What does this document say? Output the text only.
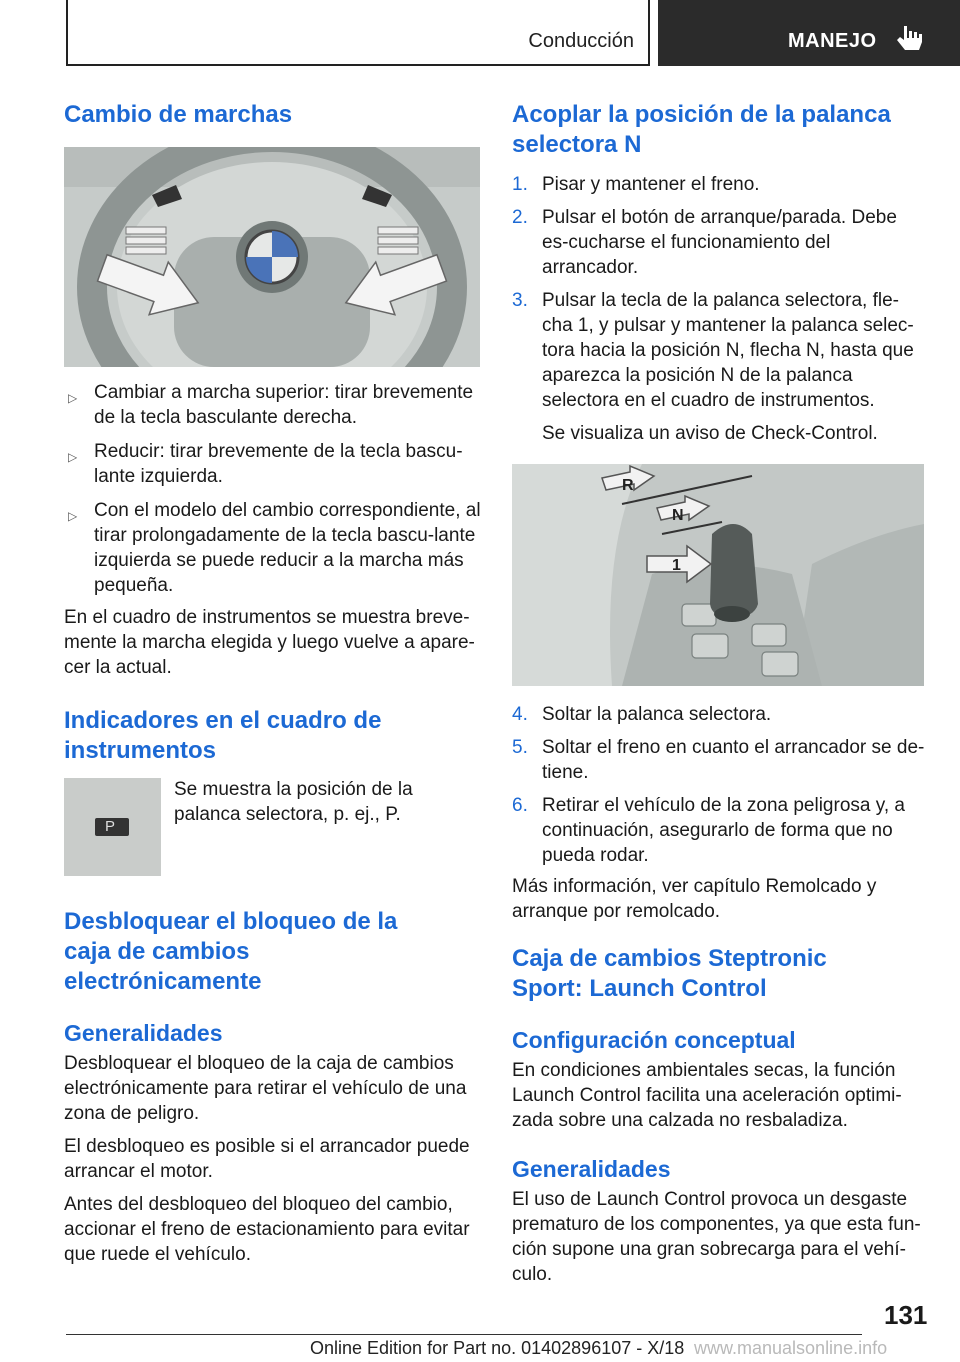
Conducción	MANEJO
Cambio de marchas
▷ Cambiar a marcha superior: tirar brevemente de la tecla basculante derecha.
▷ Reducir: tirar brevemente de la tecla bascu-lante izquierda.
▷ Con el modelo del cambio correspondiente, al tirar prolongadamente de la tecla bascu-lante izquierda se puede reducir a la marcha más pequeña.

En el cuadro de instrumentos se muestra breve-mente la marcha elegida y luego vuelve a apare-cer la actual.

Indicadores en el cuadro de instrumentos
P

Se muestra la posición de la palanca selectora, p. ej., P.

Desbloquear el bloqueo de la caja de cambios electrónicamente
Generalidades

Desbloquear el bloqueo de la caja de cambios electrónicamente para retirar el vehículo de una zona de peligro.

El desbloqueo es posible si el arrancador puede arrancar el motor.

Antes del desbloqueo del bloqueo del cambio, accionar el freno de estacionamiento para evitar que ruede el vehículo.

Acoplar la posición de la palanca selectora N
1. Pisar y mantener el freno.
2. Pulsar el botón de arranque/parada. Debe es-cucharse el funcionamiento del arrancador.
3. Pulsar la tecla de la palanca selectora, fle-cha 1, y pulsar y mantener la palanca selec-tora hacia la posición N, flecha N, hasta que aparezca la posición N de la palanca selectora en el cuadro de instrumentos.

Se visualiza un aviso de Check-Control.

R
N
1
4. Soltar la palanca selectora.
5. Soltar el freno en cuanto el arrancador se de-tiene.
6. Retirar el vehículo de la zona peligrosa y, a continuación, asegurarlo de forma que no pueda rodar.

Más información, ver capítulo Remolcado y arranque por remolcado.

Caja de cambios Steptronic Sport: Launch Control
Configuración conceptual

En condiciones ambientales secas, la función Launch Control facilita una aceleración optimi-zada sobre una calzada no resbaladiza.

Generalidades

El uso de Launch Control provoca un desgaste prematuro de los componentes, ya que esta fun-ción supone una gran sobrecarga para el vehí-culo.

131
Online Edition for Part no. 01402896107 - X/18 www.manualsonline.info
